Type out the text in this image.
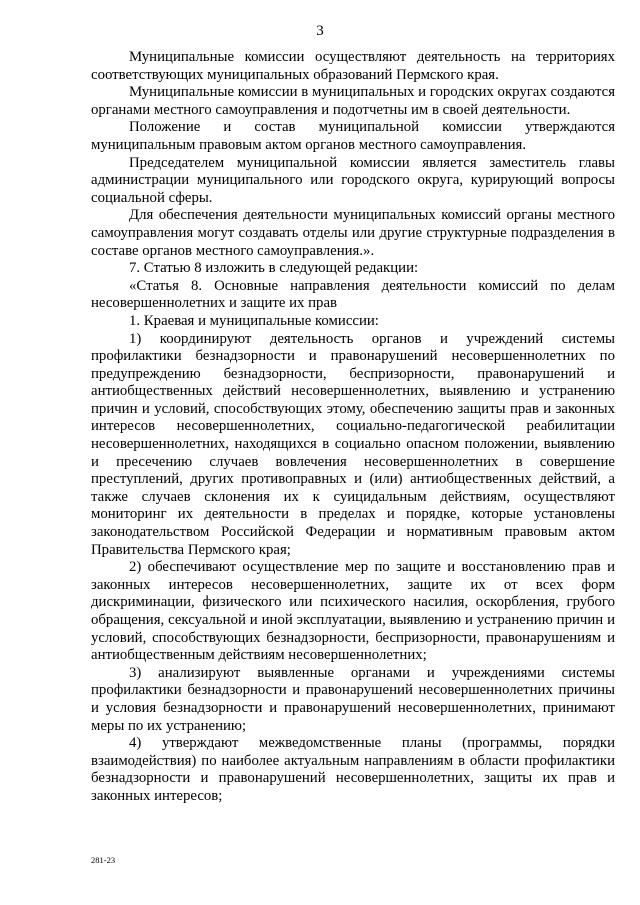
3

Муниципальные комиссии осуществляют деятельность на территориях соответствующих муниципальных образований Пермского края.

Муниципальные комиссии в муниципальных и городских округах создаются органами местного самоуправления и подотчетны им в своей деятельности.

Положение и состав муниципальной комиссии утверждаются муниципальным правовым актом органов местного самоуправления.

Председателем муниципальной комиссии является заместитель главы администрации муниципального или городского округа, курирующий вопросы социальной сферы.

Для обеспечения деятельности муниципальных комиссий органы местного самоуправления могут создавать отделы или другие структурные подразделения в составе органов местного самоуправления.».

7. Статью 8 изложить в следующей редакции:

«Статья 8. Основные направления деятельности комиссий по делам несовершеннолетних и защите их прав

1. Краевая и муниципальные комиссии:

1) координируют деятельность органов и учреждений системы профилактики безнадзорности и правонарушений несовершеннолетних по предупреждению безнадзорности, беспризорности, правонарушений и антиобщественных действий несовершеннолетних, выявлению и устранению причин и условий, способствующих этому, обеспечению защиты прав и законных интересов несовершеннолетних, социально-педагогической реабилитации несовершеннолетних, находящихся в социально опасном положении, выявлению и пресечению случаев вовлечения несовершеннолетних в совершение преступлений, других противоправных и (или) антиобщественных действий, а также случаев склонения их к суицидальным действиям, осуществляют мониторинг их деятельности в пределах и порядке, которые установлены законодательством Российской Федерации и нормативным правовым актом Правительства Пермского края;

2) обеспечивают осуществление мер по защите и восстановлению прав и законных интересов несовершеннолетних, защите их от всех форм дискриминации, физического или психического насилия, оскорбления, грубого обращения, сексуальной и иной эксплуатации, выявлению и устранению причин и условий, способствующих безнадзорности, беспризорности, правонарушениям и антиобщественным действиям несовершеннолетних;

3) анализируют выявленные органами и учреждениями системы профилактики безнадзорности и правонарушений несовершеннолетних причины и условия безнадзорности и правонарушений несовершеннолетних, принимают меры по их устранению;

4) утверждают межведомственные планы (программы, порядки взаимодействия) по наиболее актуальным направлениям в области профилактики безнадзорности и правонарушений несовершеннолетних, защиты их прав и законных интересов;

281-23
